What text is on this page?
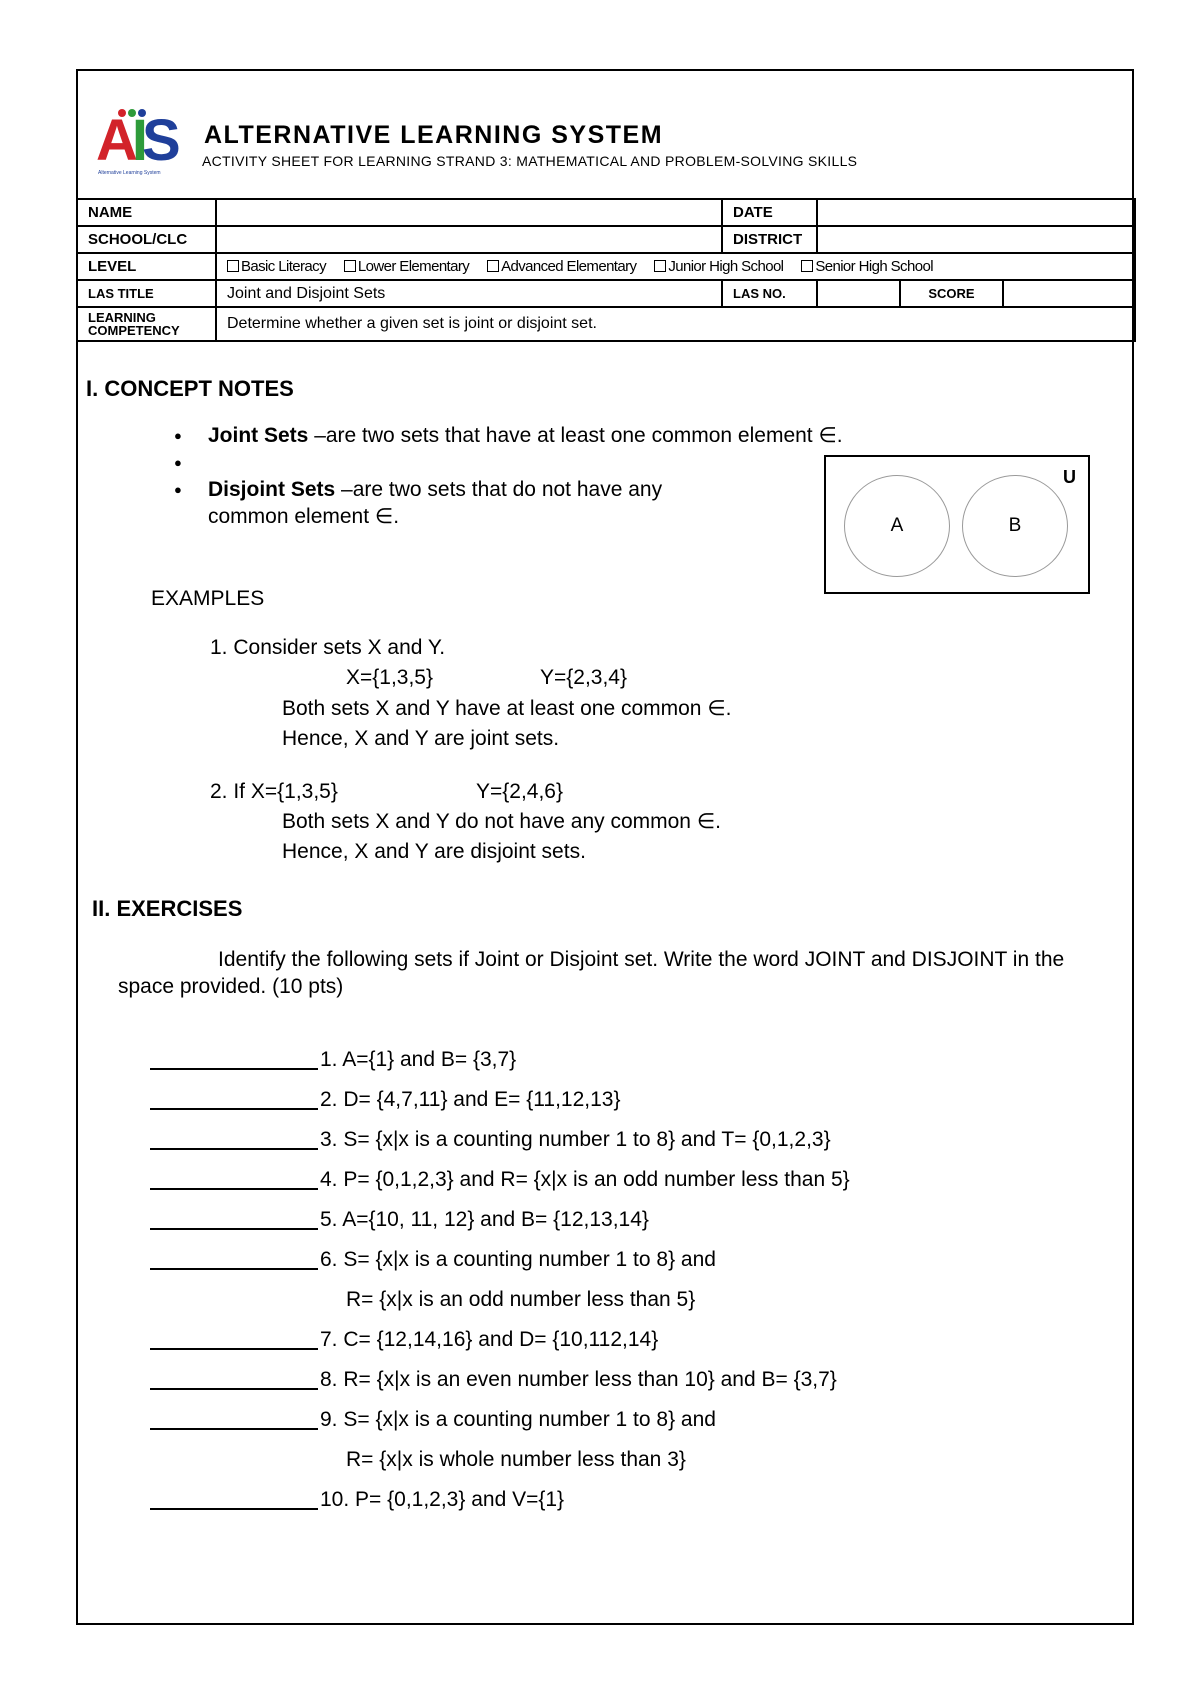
AIS
Alternative Learning System
ALTERNATIVE LEARNING SYSTEM
ACTIVITY SHEET FOR LEARNING STRAND 3: MATHEMATICAL AND PROBLEM-SOLVING SKILLS
NAME		DATE			
SCHOOL/CLC		DISTRICT			
LEVEL	Basic Literacy Lower Elementary Advanced Elementary Junior High School Senior High School				
LAS TITLE	Joint and Disjoint Sets	LAS NO.		SCORE	
LEARNING COMPETENCY	Determine whether a given set is joint or disjoint set.				
I. CONCEPT NOTES
● Joint Sets –are two sets that have at least one common element ∈.
●
● Disjoint Sets –are two sets that do not have any
common element ∈.
U
A	B
EXAMPLES
1. Consider sets X and Y.
X={1,3,5}	Y={2,3,4}
Both sets X and Y have at least one common ∈.
Hence, X and Y are joint sets.
2. If X={1,3,5}	Y={2,4,6}
Both sets X and Y do not have any common ∈.
Hence, X and Y are disjoint sets.
II. EXERCISES
Identify the following sets if Joint or Disjoint set. Write the word JOINT and DISJOINT in the space provided. (10 pts)
1. A={1} and B= {3,7}
2. D= {4,7,11} and E= {11,12,13}
3. S= {x|x is a counting number 1 to 8} and T= {0,1,2,3}
4. P= {0,1,2,3} and R= {x|x is an odd number less than 5}
5. A={10, 11, 12} and B= {12,13,14}
6. S= {x|x is a counting number 1 to 8} and
R= {x|x is an odd number less than 5}
7. C= {12,14,16} and D= {10,112,14}
8. R= {x|x is an even number less than 10} and B= {3,7}
9. S= {x|x is a counting number 1 to 8} and
R= {x|x is whole number less than 3}
10. P= {0,1,2,3} and V={1}
